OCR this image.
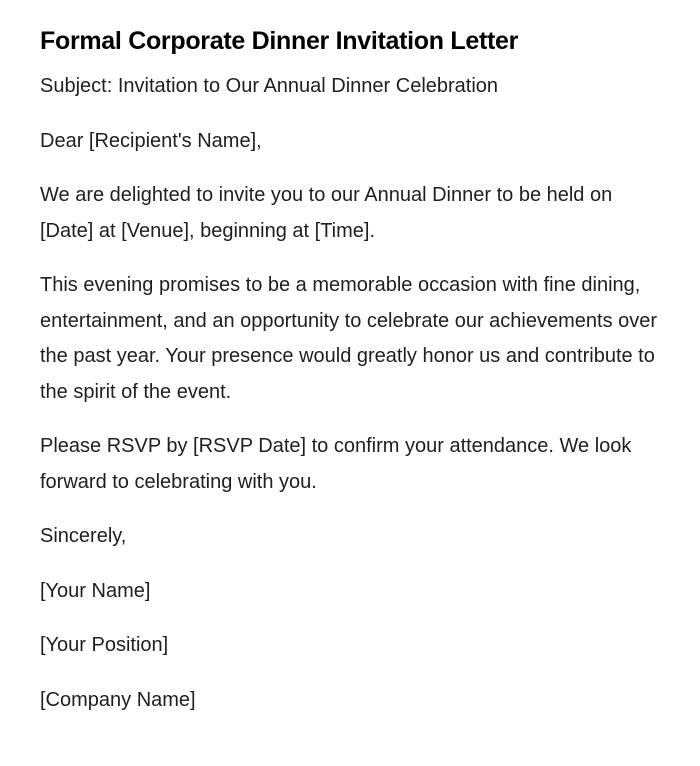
Formal Corporate Dinner Invitation Letter

Subject: Invitation to Our Annual Dinner Celebration

Dear [Recipient's Name],

We are delighted to invite you to our Annual Dinner to be held on [Date] at [Venue], beginning at [Time].

This evening promises to be a memorable occasion with fine dining, entertainment, and an opportunity to celebrate our achievements over the past year. Your presence would greatly honor us and contribute to the spirit of the event.

Please RSVP by [RSVP Date] to confirm your attendance. We look forward to celebrating with you.

Sincerely,

[Your Name]

[Your Position]

[Company Name]
